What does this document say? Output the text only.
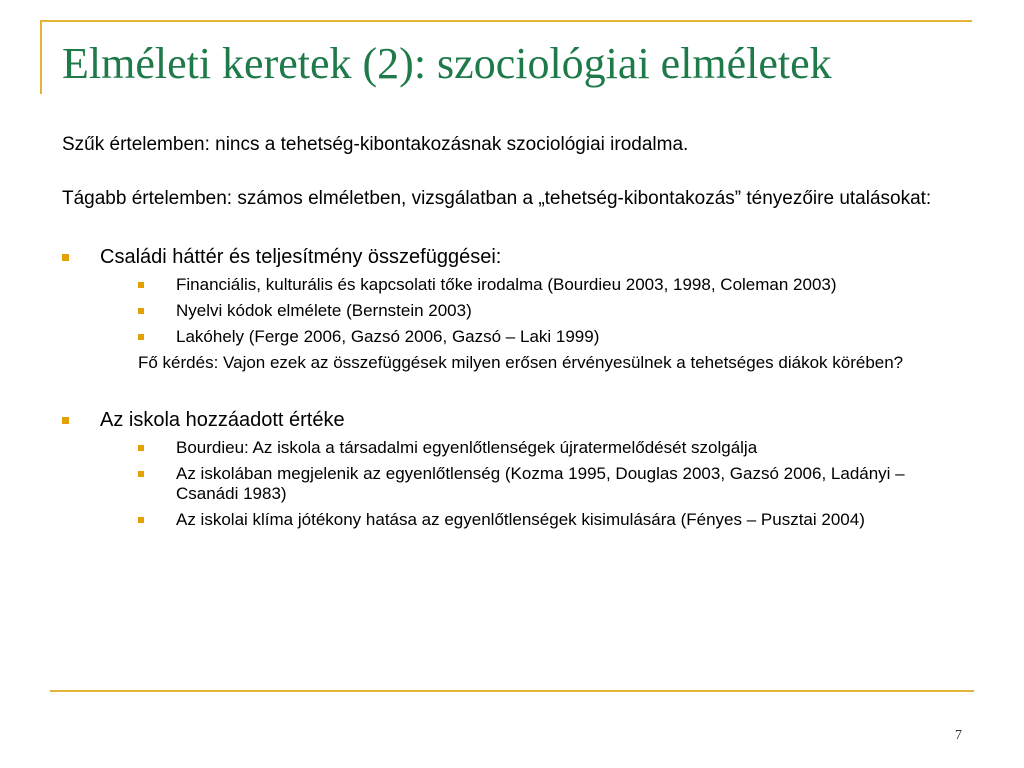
Elméleti keretek (2): szociológiai elméletek

Szűk értelemben: nincs a tehetség-kibontakozásnak szociológiai irodalma.

Tágabb értelemben: számos elméletben, vizsgálatban a „tehetség-kibontakozás” tényezőire utalásokat:

Családi háttér és teljesítmény összefüggései:
Financiális, kulturális és kapcsolati tőke irodalma (Bourdieu 2003, 1998, Coleman 2003)
Nyelvi kódok elmélete (Bernstein 2003)
Lakóhely (Ferge 2006, Gazsó 2006, Gazsó – Laki 1999)
Fő kérdés: Vajon ezek az összefüggések milyen erősen érvényesülnek a tehetséges diákok körében?
Az iskola hozzáadott értéke
Bourdieu: Az iskola a társadalmi egyenlőtlenségek újratermelődését szolgálja
Az iskolában megjelenik az egyenlőtlenség (Kozma 1995, Douglas 2003, Gazsó 2006, Ladányi – Csanádi 1983)
Az iskolai klíma jótékony hatása az egyenlőtlenségek kisimulására (Fényes – Pusztai 2004)
7
